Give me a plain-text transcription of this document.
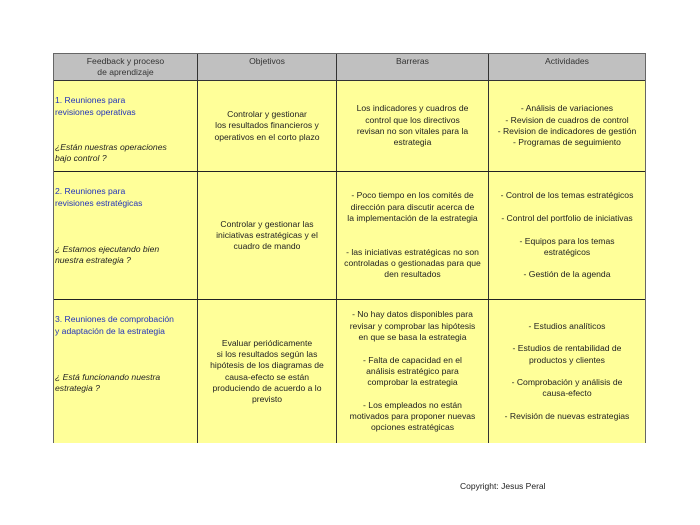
Feedback y proceso
de aprendizaje
Objetivos	Barreras	Actividades

1. Reuniones para
revisiones operativas

¿Están nuestras operaciones
bajo control ?

Controlar y gestionar
los resultados financieros y
operativos en el corto plazo
Los indicadores y cuadros de
control que los directivos
revisan no son vitales para la
estrategia
- Análisis de variaciones
- Revision de cuadros de control
- Revision de indicadores de gestión
- Programas de seguimiento

2. Reuniones para
revisiones estratégicas

¿ Estamos ejecutando bien
nuestra estrategia ?

Controlar y gestionar las
iniciativas estratégicas y el
cuadro de mando
- Poco tiempo en los comités de
dirección para discutir acerca de
la implementación de la estrategia

- las iniciativas estratégicas no son
controladas o gestionadas para que
den resultados
- Control de los temas estratégicos

- Control del portfolio de iniciativas

- Equipos para los temas
estratégicos

- Gestión de la agenda

3. Reuniones de comprobación
y adaptación de la estrategia

¿ Está funcionando nuestra
estrategia ?

Evaluar periódicamente
si los resultados según las
hipótesis de los diagramas de
causa-efecto se están
produciendo de acuerdo a lo
previsto
- No hay datos disponibles para
revisar y comprobar las hipótesis
en que se basa la estrategia

- Falta de capacidad en el
análisis estratégico para
comprobar la estrategia

- Los empleados no están
motivados para proponer nuevas
opciones estratégicas
- Estudios analíticos

- Estudios de rentabilidad de
productos y clientes

- Comprobación y análisis de
causa-efecto

- Revisión de nuevas estrategias
Copyright: Jesus Peral
